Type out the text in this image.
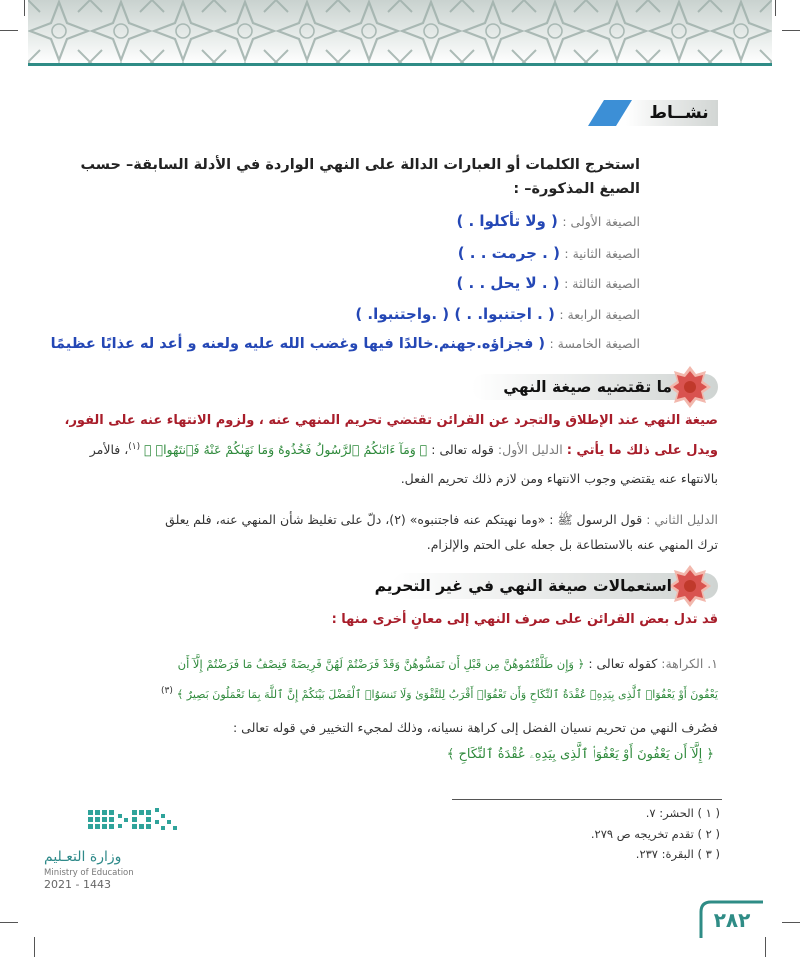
نشــاط
استخرج الكلمات أو العبارات الدالة على النهي الواردة في الأدلة السابقة– حسب
الصيغ المذكورة– :
الصيغة الأولى : ( ولا تأكلوا . )
الصيغة الثانية : ( . جرمت . . )
الصيغة الثالثة : ( . لا يحل . . )
الصيغة الرابعة : ( . اجتنبوا. . ) ( .واجتنبوا. )
الصيغة الخامسة : ( فجزاؤه.جهنم.خالدًا فيها وغضب الله عليه ولعنه و أعد له عذابًا عظيمًا
ما تقتضيه صيغة النهي
صيغة النهي عند الإطلاق والتجرد عن القرائن تقتضي تحريم المنهي عنه ، ولزوم الانتهاء عنه على الفور،
ويدل على ذلك ما يأتي : الدليل الأول: قوله تعالى : ﴿ وَمَآ ءَاتَىٰكُمُ ٱلرَّسُولُ فَخُذُوهُ وَمَا نَهَىٰكُمْ عَنْهُ فَٱنتَهُوا۟ ﴾ $^{(١)}$، فالأمر
بالانتهاء عنه يقتضي وجوب الانتهاء ومن لازم ذلك تحريم الفعل.
الدليل الثاني : قول الرسول ﷺ : «وما نهيتكم عنه فاجتنبوه» (٢)، دلّ على تغليظ شأن المنهي عنه، فلم يعلق
ترك المنهي عنه بالاستطاعة بل جعله على الحتم والإلزام.
استعمالات صيغة النهي في غير التحريم
قد تدل بعض القرائن على صرف النهي إلى معانٍ أخرى منها :
١. الكراهة: كقوله تعالى : ﴿ وَإِن طَلَّقْتُمُوهُنَّ مِن قَبْلِ أَن تَمَسُّوهُنَّ وَقَدْ فَرَضْتُمْ لَهُنَّ فَرِيضَةً فَنِصْفُ مَا فَرَضْتُمْ إِلَّآ أَن
يَعْفُونَ أَوْ يَعْفُوَا۟ ٱلَّذِى بِيَدِهِۦ عُقْدَةُ ٱلنِّكَاحِ وَأَن تَعْفُوٓا۟ أَقْرَبُ لِلتَّقْوَىٰ وَلَا تَنسَوُا۟ ٱلْفَضْلَ بَيْنَكُمْ إِنَّ ٱللَّهَ بِمَا تَعْمَلُونَ بَصِيرٌ ﴾ $^{(٣)}$
فصُرف النهي من تحريم نسيان الفضل إلى كراهة نسيانه، وذلك لمجيء التخيير في قوله تعالى :
﴿ إِلَّآ أَن يَعْفُونَ أَوْ يَعْفُوَا۟ ٱلَّذِى بِيَدِهِۦ عُقْدَةُ ٱلنِّكَاحِ ﴾
( ١ ) الحشر: ٧.
( ٢ ) تقدم تخريجه ص ٢٧٩.
( ٣ ) البقرة: ٢٣٧.
وزارة التعـليم
Ministry of Education
2021 - 1443
٢٨٢
